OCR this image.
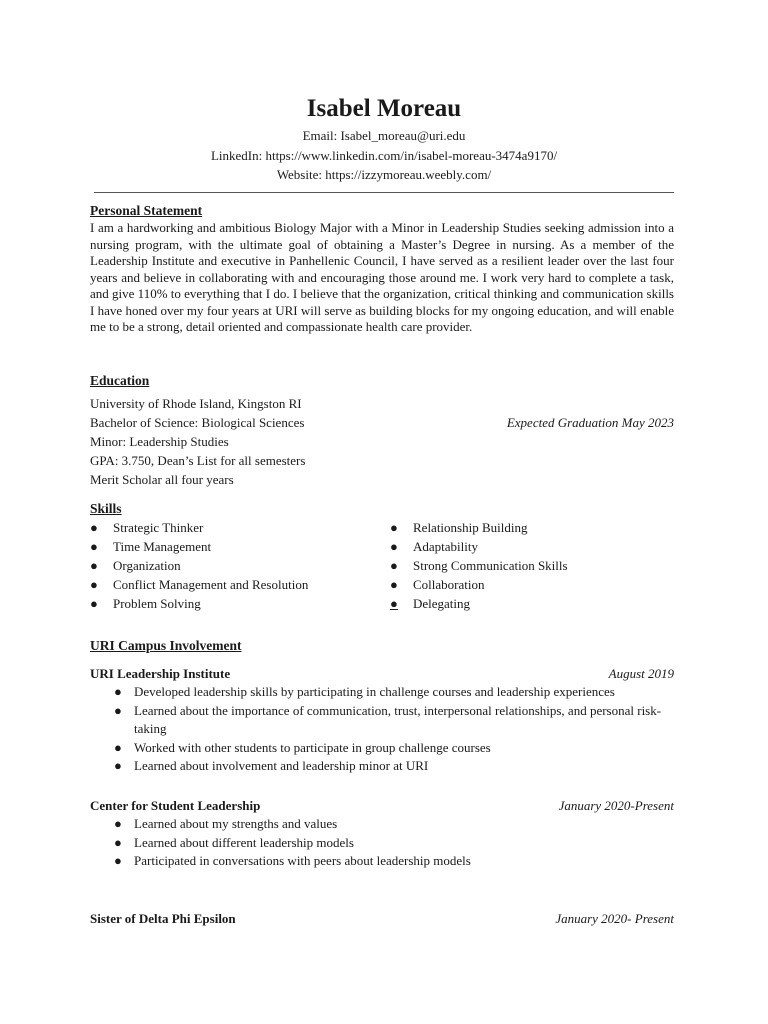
Isabel Moreau
Email: Isabel_moreau@uri.edu
LinkedIn: https://www.linkedin.com/in/isabel-moreau-3474a9170/
Website: https://izzymoreau.weebly.com/
Personal Statement
I am a hardworking and ambitious Biology Major with a Minor in Leadership Studies seeking admission into a nursing program, with the ultimate goal of obtaining a Master’s Degree in nursing. As a member of the Leadership Institute and executive in Panhellenic Council, I have served as a resilient leader over the last four years and believe in collaborating with and encouraging those around me. I work very hard to complete a task, and give 110% to everything that I do. I believe that the organization, critical thinking and communication skills I have honed over my four years at URI will serve as building blocks for my ongoing education, and will enable me to be a strong, detail oriented and compassionate health care provider.
Education
University of Rhode Island, Kingston RI
Bachelor of Science: Biological Sciences	Expected Graduation May 2023
Minor: Leadership Studies
GPA: 3.750, Dean’s List for all semesters
Merit Scholar all four years
Skills
●	Strategic Thinker
●	Time Management
●	Organization
●	Conflict Management and Resolution
●	Problem Solving
●	Relationship Building
●	Adaptability
●	Strong Communication Skills
●	Collaboration
●	Delegating
URI Campus Involvement
URI Leadership Institute	August 2019
● Developed leadership skills by participating in challenge courses and leadership experiences
● Learned about the importance of communication, trust, interpersonal relationships, and personal risk-taking
● Worked with other students to participate in group challenge courses
● Learned about involvement and leadership minor at URI
Center for Student Leadership	January 2020-Present
● Learned about my strengths and values
● Learned about different leadership models
● Participated in conversations with peers about leadership models
Sister of Delta Phi Epsilon	January 2020- Present
